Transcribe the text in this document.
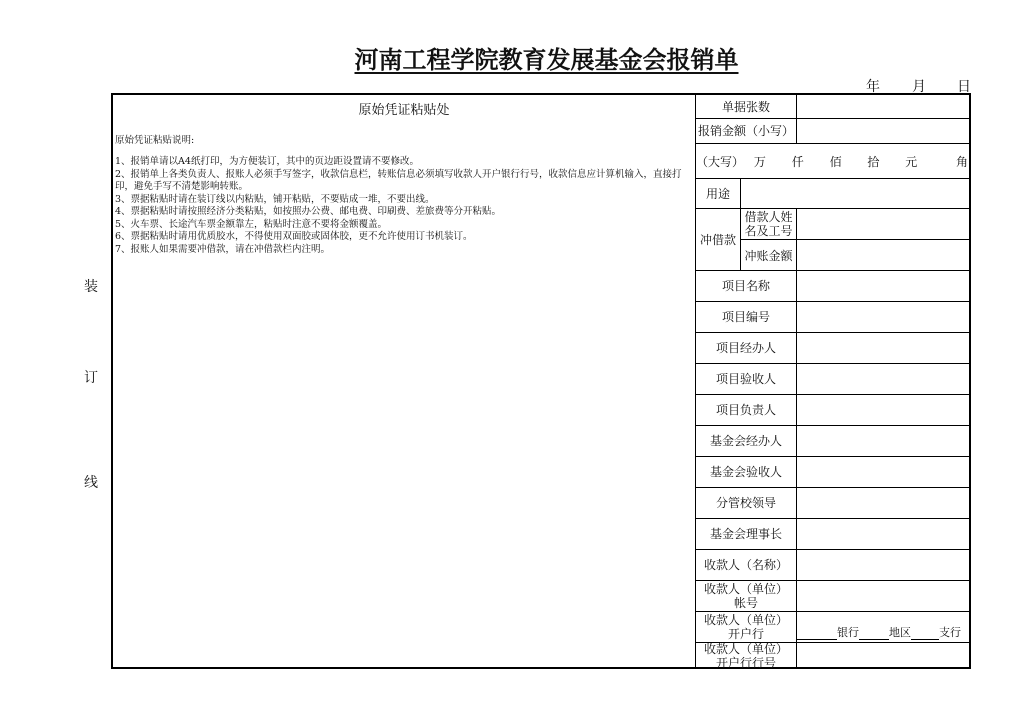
河南工程学院教育发展基金会报销单
年 月 日
装
订
线
原始凭证粘贴处
原始凭证粘贴说明:
1、报销单请以A4纸打印，为方便装订，其中的页边距设置请不要修改。
2、报销单上各类负责人、报账人必须手写签字，收款信息栏，转账信息必须填写收款人开户银行行号，收款信息应计算机输入，直接打印，避免手写不清楚影响转账。
3、票据粘贴时请在装订线以内粘贴，铺开粘贴，不要贴成一堆，不要出线。
4、票据粘贴时请按照经济分类粘贴，如按照办公费、邮电费、印刷费、差旅费等分开粘贴。
5、火车票、长途汽车票金额靠左，粘贴时注意不要将金额覆盖。
6、票据粘贴时请用优质胶水，不得使用双面胶或固体胶，更不允许使用订书机装订。
7、报账人如果需要冲借款，请在冲借款栏内注明。
单据张数
报销金额（小写）
（大写） 万	仟	佰	拾	元	角
用途
冲借款
借款人姓名及工号
冲账金额
项目名称
项目编号
项目经办人
项目验收人
项目负责人
基金会经办人
基金会验收人
分管校领导
基金会理事长
收款人（名称）
收款人（单位）帐号
收款人（单位）开户行	银行	地区	支行
收款人（单位）开户行行号
